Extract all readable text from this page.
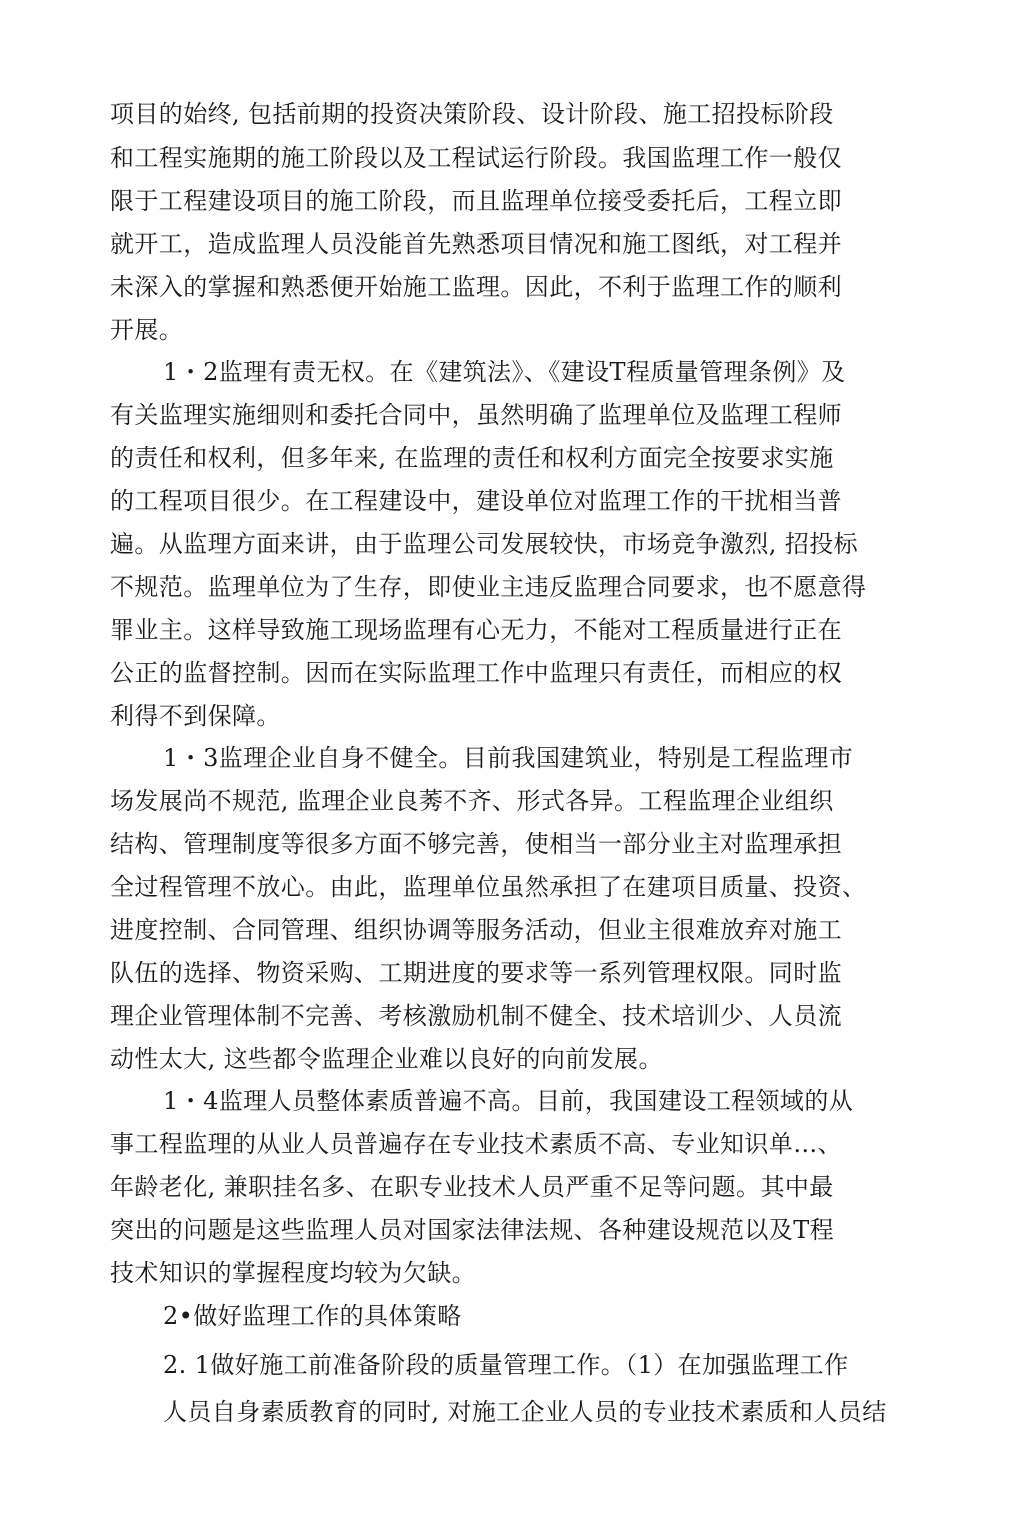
项目的始终, 包括前期的投资决策阶段、设计阶段、施工招投标阶段
和工程实施期的施工阶段以及工程试运行阶段。我国监理工作一般仅
限于工程建设项目的施工阶段，而且监理单位接受委托后，工程立即
就开工，造成监理人员没能首先熟悉项目情况和施工图纸，对工程并
未深入的掌握和熟悉便开始施工监理。因此，不利于监理工作的顺利
开展。
1・2监理有责无权。在《建筑法》、《建设T程质量管理条例》及
有关监理实施细则和委托合同中，虽然明确了监理单位及监理工程师
的责任和权利，但多年来, 在监理的责任和权利方面完全按要求实施
的工程项目很少。在工程建设中，建设单位对监理工作的干扰相当普
遍。从监理方面来讲，由于监理公司发展较快，市场竞争激烈, 招投标
不规范。监理单位为了生存，即使业主违反监理合同要求，也不愿意得
罪业主。这样导致施工现场监理有心无力，不能对工程质量进行正在
公正的监督控制。因而在实际监理工作中监理只有责任，而相应的权
利得不到保障。
1・3监理企业自身不健全。目前我国建筑业，特别是工程监理市
场发展尚不规范, 监理企业良莠不齐、形式各异。工程监理企业组织
结构、管理制度等很多方面不够完善，使相当一部分业主对监理承担
全过程管理不放心。由此，监理单位虽然承担了在建项目质量、投资、
进度控制、合同管理、组织协调等服务活动，但业主很难放弃对施工
队伍的选择、物资采购、工期进度的要求等一系列管理权限。同时监
理企业管理体制不完善、考核激励机制不健全、技术培训少、人员流
动性太大, 这些都令监理企业难以良好的向前发展。
1・4监理人员整体素质普遍不高。目前，我国建设工程领域的从
事工程监理的从业人员普遍存在专业技术素质不高、专业知识单…、
年龄老化, 兼职挂名多、在职专业技术人员严重不足等问题。其中最
突出的问题是这些监理人员对国家法律法规、各种建设规范以及T程
技术知识的掌握程度均较为欠缺。
2•做好监理工作的具体策略
2. 1做好施工前准备阶段的质量管理工作。（1）在加强监理工作
人员自身素质教育的同时, 对施工企业人员的专业技术素质和人员结
